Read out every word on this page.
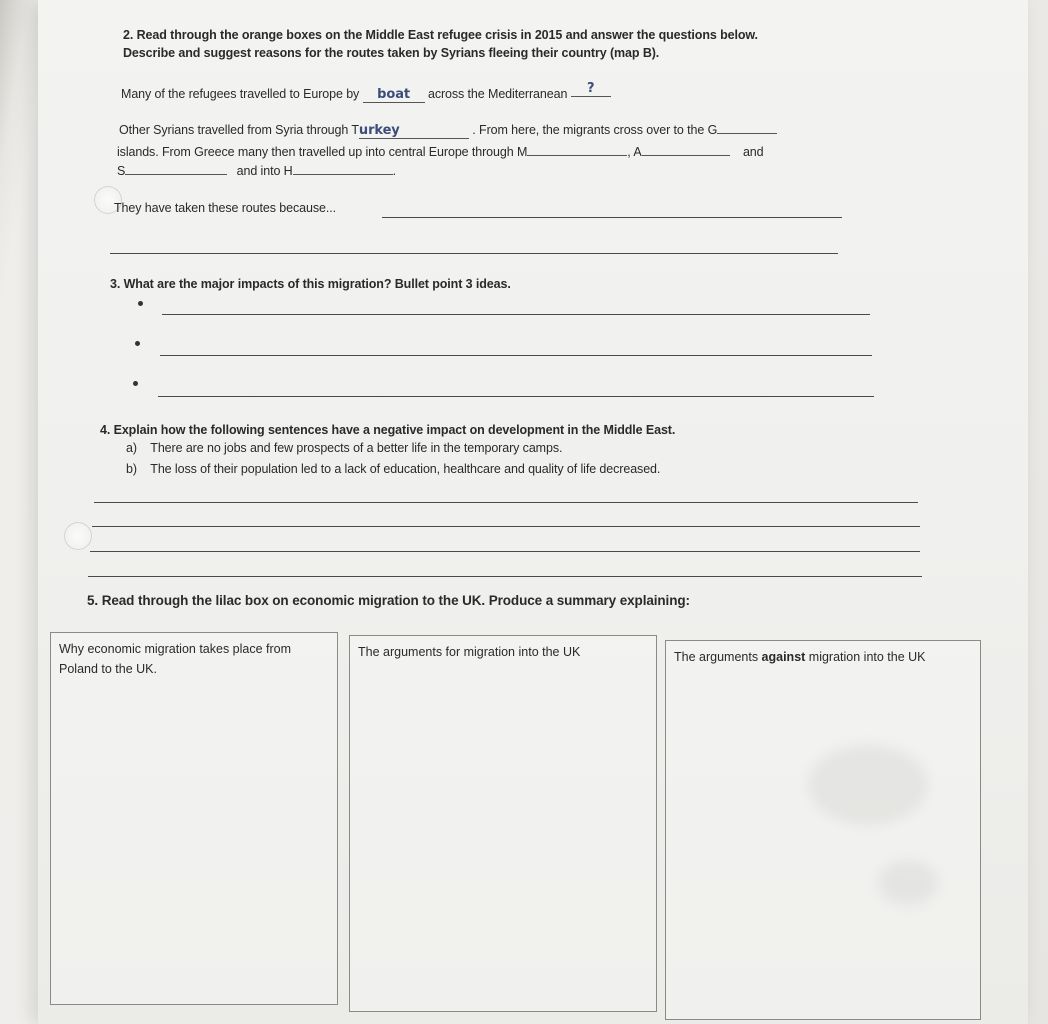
2. Read through the orange boxes on the Middle East refugee crisis in 2015 and answer the questions below.
Describe and suggest reasons for the routes taken by Syrians fleeing their country (map B).
Many of the refugees travelled to Europe by boat across the Mediterranean ?
Other Syrians travelled from Syria through Turkey	. From here, the migrants cross over to the G
islands. From Greece many then travelled up into central Europe through M	, A	and
S	and into H	.
They have taken these routes because...
3. What are the major impacts of this migration? Bullet point 3 ideas.
4. Explain how the following sentences have a negative impact on development in the Middle East.
a) There are no jobs and few prospects of a better life in the temporary camps.
b) The loss of their population led to a lack of education, healthcare and quality of life decreased.
5. Read through the lilac box on economic migration to the UK. Produce a summary explaining:
Why economic migration takes place from Poland to the UK.
The arguments for migration into the UK	The arguments against migration into the UK
